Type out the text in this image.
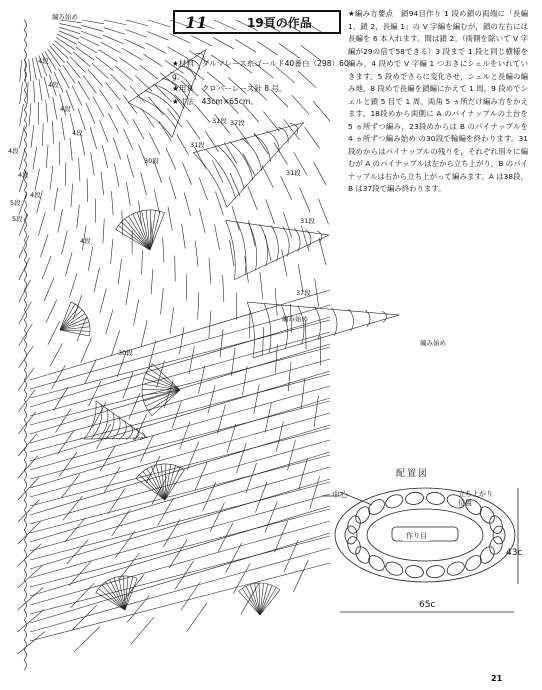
11	19頁の作品

★材料　ダルマレース糸ゴールド40番白（298）60 g。

★用具　クロバーレース針 8 号。

★寸法　43cm×65cm。

★編み方要点　鎖94目作り 1 段め鎖の両端に「長編 1，鎖 2，長編 1」の V 字編を編むが，鎖の左右には長編を 6 本入れます。間は鎖 2。（両側を除いて V 字編が29の倍で58できる）3 段まで 1 段と同じ横様を編み，4 段めで V 字編 1 つおきにシェルをいれていきます。5 段めでさらに変化させ，シェルと長編の編み地，8 段めで長編を鎖編にかえて 1 周。9 段めでシェルと鎖 5 目で 1 周。両角 5 ヵ所だけ編み方をかえます。18段めから両側に A のパイナップルの土台を 5 ヵ所ずつ編み，23段めからは B のパイナップルを 4 ヵ所ずつ編み始め の30段で輪編を終わります。31段めからはパイナップルの残りを，それぞれ別々に編むが A のパイナップルは左から立ち上がり，B のパイナップルは右から立ち上がって編みます。A は38段，B は37段で編み終わります。

編み始め
4段
4段
4段
4段
4段
4段
4段
5段
5段
4段
31段
31段
37段
30段
31段
31段
37段
30段
編み始め
編み始め
配置図
中心	立ち上がり
位置
作り目
43c
65c
21
